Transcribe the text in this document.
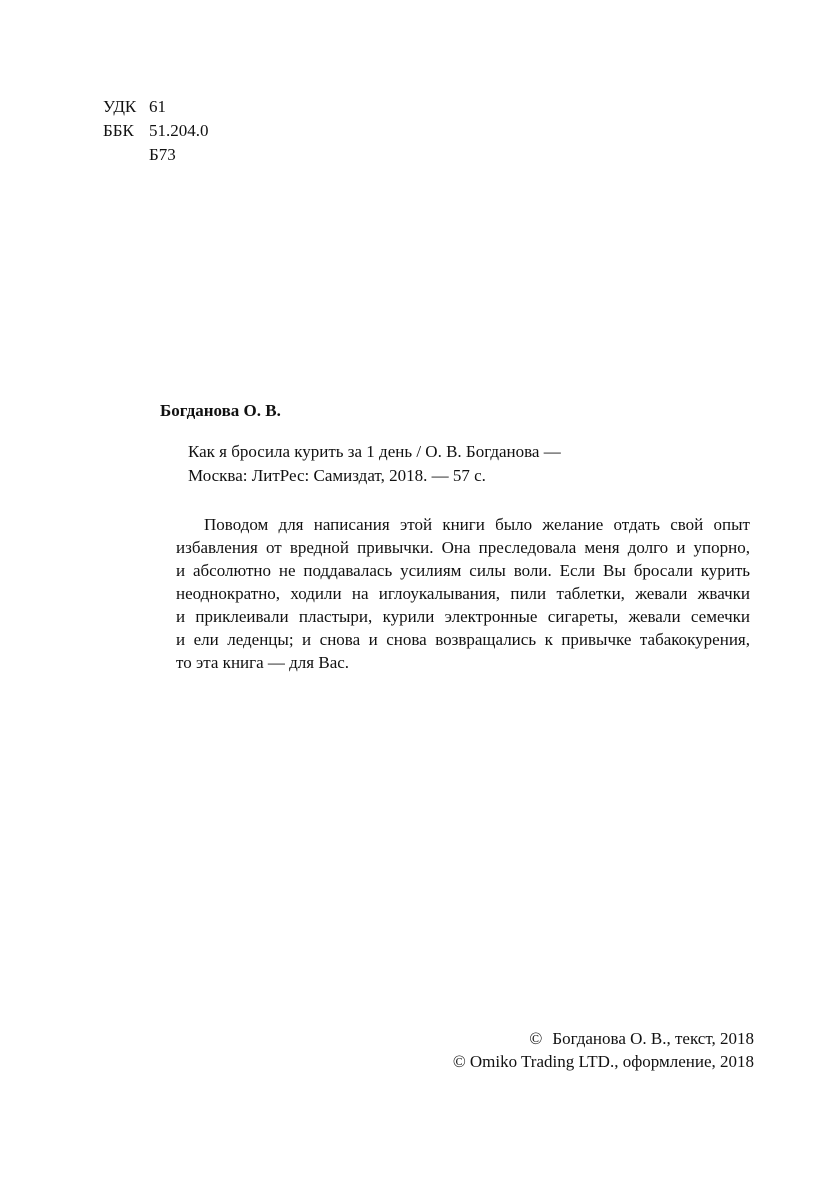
УДК 61
ББК 51.204.0
Б73
Богданова О. В.
Как я бросила курить за 1 день / О. В. Богданова —
Москва: ЛитРес: Самиздат, 2018. — 57 с.
Поводом для написания этой книги было желание отдать свой опыт
избавления от вредной привычки. Она преследовала меня долго и упорно,
и абсолютно не поддавалась усилиям силы воли. Если Вы бросали курить
неоднократно, ходили на иглоукалывания, пили таблетки, жевали жвачки
и приклеивали пластыри, курили электронные сигареты, жевали семечки
и ели леденцы; и снова и снова возвращались к привычке табакокурения,
то эта книга — для Вас.
© Богданова О. В., текст, 2018
© Omiko Trading LTD., оформление, 2018
